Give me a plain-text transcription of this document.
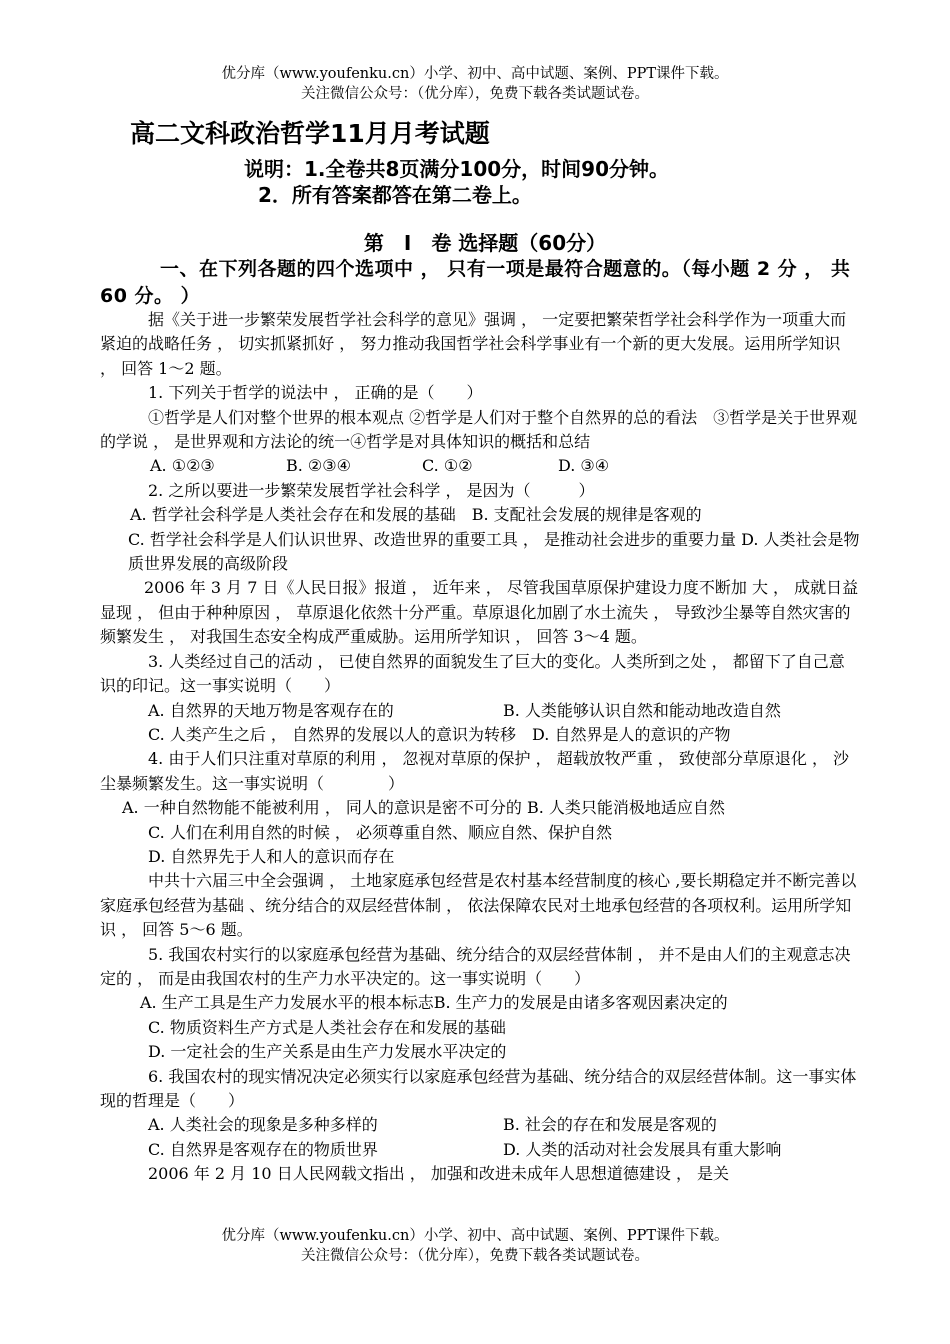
优分库（www.youfenku.cn）小学、初中、高中试题、案例、PPT课件下载。
关注微信公众号：（优分库），免费下载各类试题试卷。
高二文科政治哲学11月月考试题
说明：1.全卷共8页满分100分，时间90分钟。
2．所有答案都答在第二卷上。
第　Ⅰ　卷 选择题（60分）
一、在下列各题的四个选项中 ， 只有一项是最符合题意的。（每小题 2 分 ， 共 60 分。 ）

据《关于进一步繁荣发展哲学社会科学的意见》强调 ， 一定要把繁荣哲学社会科学作为一项重大而紧迫的战略任务 ， 切实抓紧抓好 ， 努力推动我国哲学社会科学事业有一个新的更大发展。运用所学知识 ， 回答 1～2 题。

1. 下列关于哲学的说法中 ， 正确的是（　　）

①哲学是人们对整个世界的根本观点 ②哲学是人们对于整个自然界的总的看法　③哲学是关于世界观的学说 ， 是世界观和方法论的统一④哲学是对具体知识的概括和总结

A. ①②③	B. ②③④	C. ①②	D. ③④

2. 之所以要进一步繁荣发展哲学社会科学 ， 是因为（　　　）

A. 哲学社会科学是人类社会存在和发展的基础　B. 支配社会发展的规律是客观的

C. 哲学社会科学是人们认识世界、改造世界的重要工具 ， 是推动社会进步的重要力量 D. 人类社会是物质世界发展的高级阶段

2006 年 3 月 7 日《人民日报》报道 ， 近年来 ， 尽管我国草原保护建设力度不断加 大 ， 成就日益显现 ， 但由于种种原因 ， 草原退化依然十分严重。草原退化加剧了水土流失 ， 导致沙尘暴等自然灾害的频繁发生 ， 对我国生态安全构成严重威胁。运用所学知识 ， 回答 3～4 题。

3. 人类经过自己的活动 ， 已使自然界的面貌发生了巨大的变化。人类所到之处 ， 都留下了自己意识的印记。这一事实说明（　　）

A. 自然界的天地万物是客观存在的	B. 人类能够认识自然和能动地改造自然
C. 人类产生之后 ， 自然界的发展以人的意识为转移　 D. 自然界是人的意识的产物

4. 由于人们只注重对草原的利用 ， 忽视对草原的保护 ， 超载放牧严重 ， 致使部分草原退化 ， 沙尘暴频繁发生。这一事实说明（　　　　）

A. 一种自然物能不能被利用 ， 同人的意识是密不可分的 B. 人类只能消极地适应自然

C. 人们在利用自然的时候 ， 必须尊重自然、顺应自然、保护自然

D. 自然界先于人和人的意识而存在

中共十六届三中全会强调 ， 土地家庭承包经营是农村基本经营制度的核心 ,要长期稳定并不断完善以家庭承包经营为基础 、统分结合的双层经营体制 ， 依法保障农民对土地承包经营的各项权利。运用所学知识 ， 回答 5～6 题。

5. 我国农村实行的以家庭承包经营为基础、统分结合的双层经营体制 ， 并不是由人们的主观意志决定的 ， 而是由我国农村的生产力水平决定的。这一事实说明（　　）

A. 生产工具是生产力发展水平的根本标志B. 生产力的发展是由诸多客观因素决定的

C. 物质资料生产方式是人类社会存在和发展的基础

D. 一定社会的生产关系是由生产力发展水平决定的

6. 我国农村的现实情况决定必须实行以家庭承包经营为基础、统分结合的双层经营体制。这一事实体现的哲理是（　　）

A. 人类社会的现象是多种多样的	B. 社会的存在和发展是客观的
C. 自然界是客观存在的物质世界	D. 人类的活动对社会发展具有重大影响

2006 年 2 月 10 日人民网载文指出 ， 加强和改进未成年人思想道德建设 ， 是关

优分库（www.youfenku.cn）小学、初中、高中试题、案例、PPT课件下载。
关注微信公众号：（优分库），免费下载各类试题试卷。
